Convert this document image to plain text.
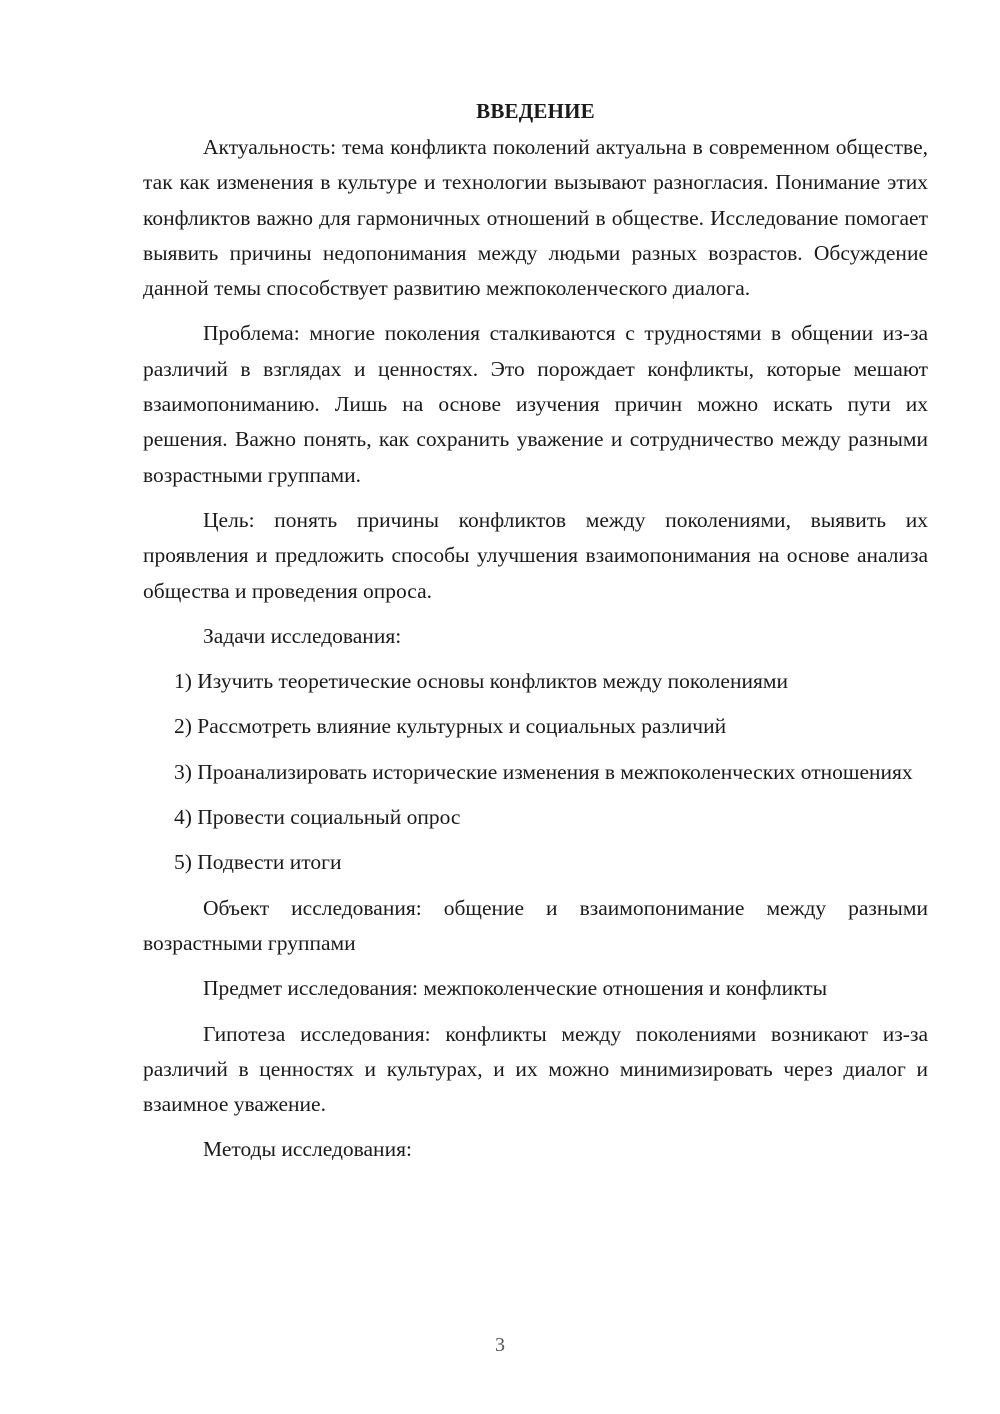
ВВЕДЕНИЕ

Актуальность: тема конфликта поколений актуальна в современном обществе, так как изменения в культуре и технологии вызывают разногласия. Понимание этих конфликтов важно для гармоничных отношений в обществе. Исследование помогает выявить причины недопонимания между людьми разных возрастов. Обсуждение данной темы способствует развитию межпоколенческого диалога.

Проблема: многие поколения сталкиваются с трудностями в общении из-за различий в взглядах и ценностях. Это порождает конфликты, которые мешают взаимопониманию. Лишь на основе изучения причин можно искать пути их решения. Важно понять, как сохранить уважение и сотрудничество между разными возрастными группами.

Цель: понять причины конфликтов между поколениями, выявить их проявления и предложить способы улучшения взаимопонимания на основе анализа общества и проведения опроса.

Задачи исследования:

1) Изучить теоретические основы конфликтов между поколениями

2) Рассмотреть влияние культурных и социальных различий

3) Проанализировать исторические изменения в межпоколенческих отношениях

4) Провести социальный опрос

5) Подвести итоги

Объект исследования: общение и взаимопонимание между разными возрастными группами

Предмет исследования: межпоколенческие отношения и конфликты

Гипотеза исследования: конфликты между поколениями возникают из-за различий в ценностях и культурах, и их можно минимизировать через диалог и взаимное уважение.

Методы исследования:

3
